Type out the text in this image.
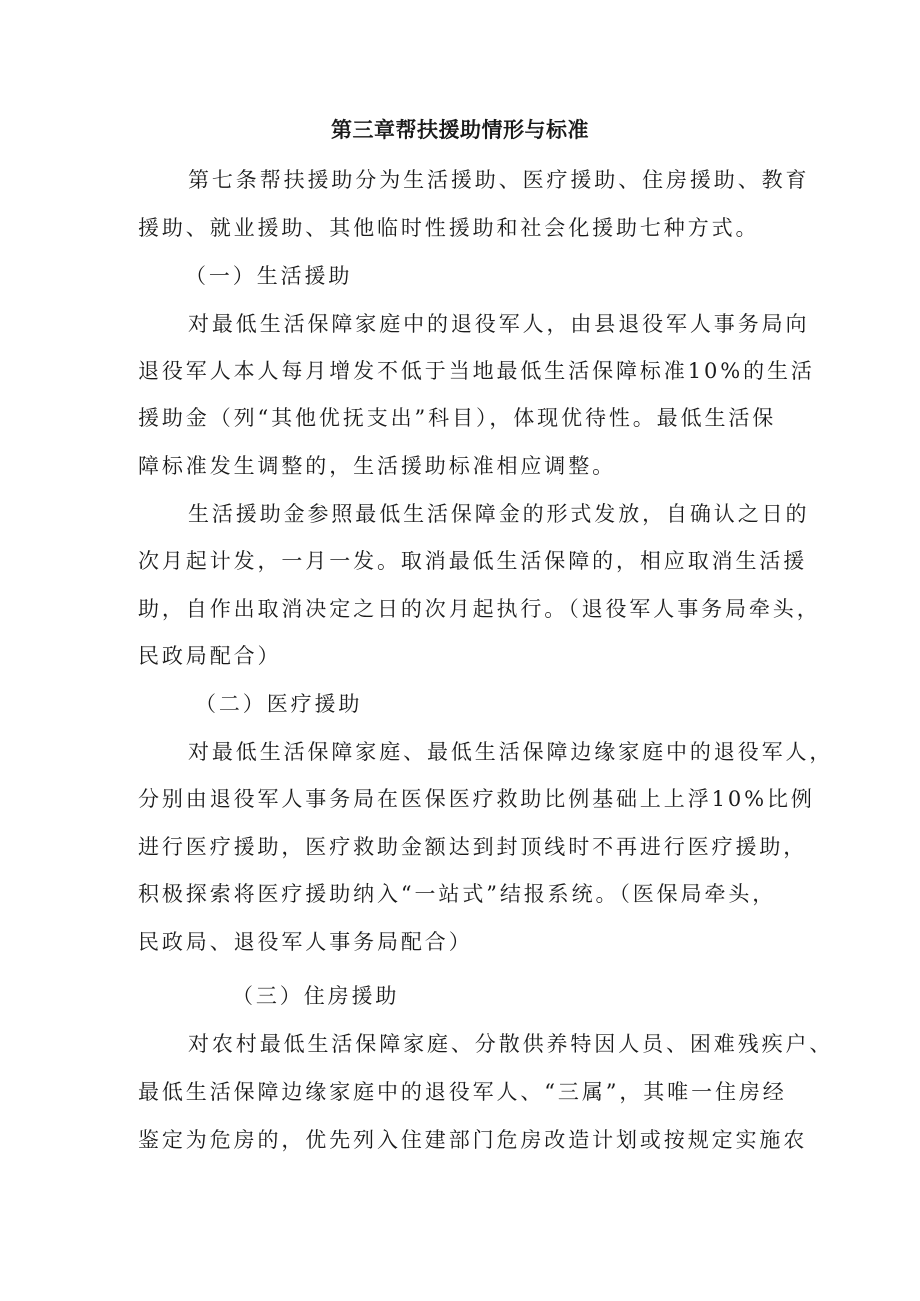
第三章帮扶援助情形与标准
第七条帮扶援助分为生活援助、医疗援助、住房援助、教育
援助、就业援助、其他临时性援助和社会化援助七种方式。
（一）生活援助
对最低生活保障家庭中的退役军人，由县退役军人事务局向
退役军人本人每月增发不低于当地最低生活保障标准10%的生活
援助金（列“其他优抚支出”科目），体现优待性。最低生活保
障标准发生调整的，生活援助标准相应调整。
生活援助金参照最低生活保障金的形式发放，自确认之日的
次月起计发，一月一发。取消最低生活保障的，相应取消生活援
助，自作出取消决定之日的次月起执行。（退役军人事务局牵头，
民政局配合）
（二）医疗援助
对最低生活保障家庭、最低生活保障边缘家庭中的退役军人，
分别由退役军人事务局在医保医疗救助比例基础上上浮10%比例
进行医疗援助，医疗救助金额达到封顶线时不再进行医疗援助，
积极探索将医疗援助纳入“一站式”结报系统。（医保局牵头，
民政局、退役军人事务局配合）
（三）住房援助
对农村最低生活保障家庭、分散供养特因人员、困难残疾户、
最低生活保障边缘家庭中的退役军人、“三属”，其唯一住房经
鉴定为危房的，优先列入住建部门危房改造计划或按规定实施农
